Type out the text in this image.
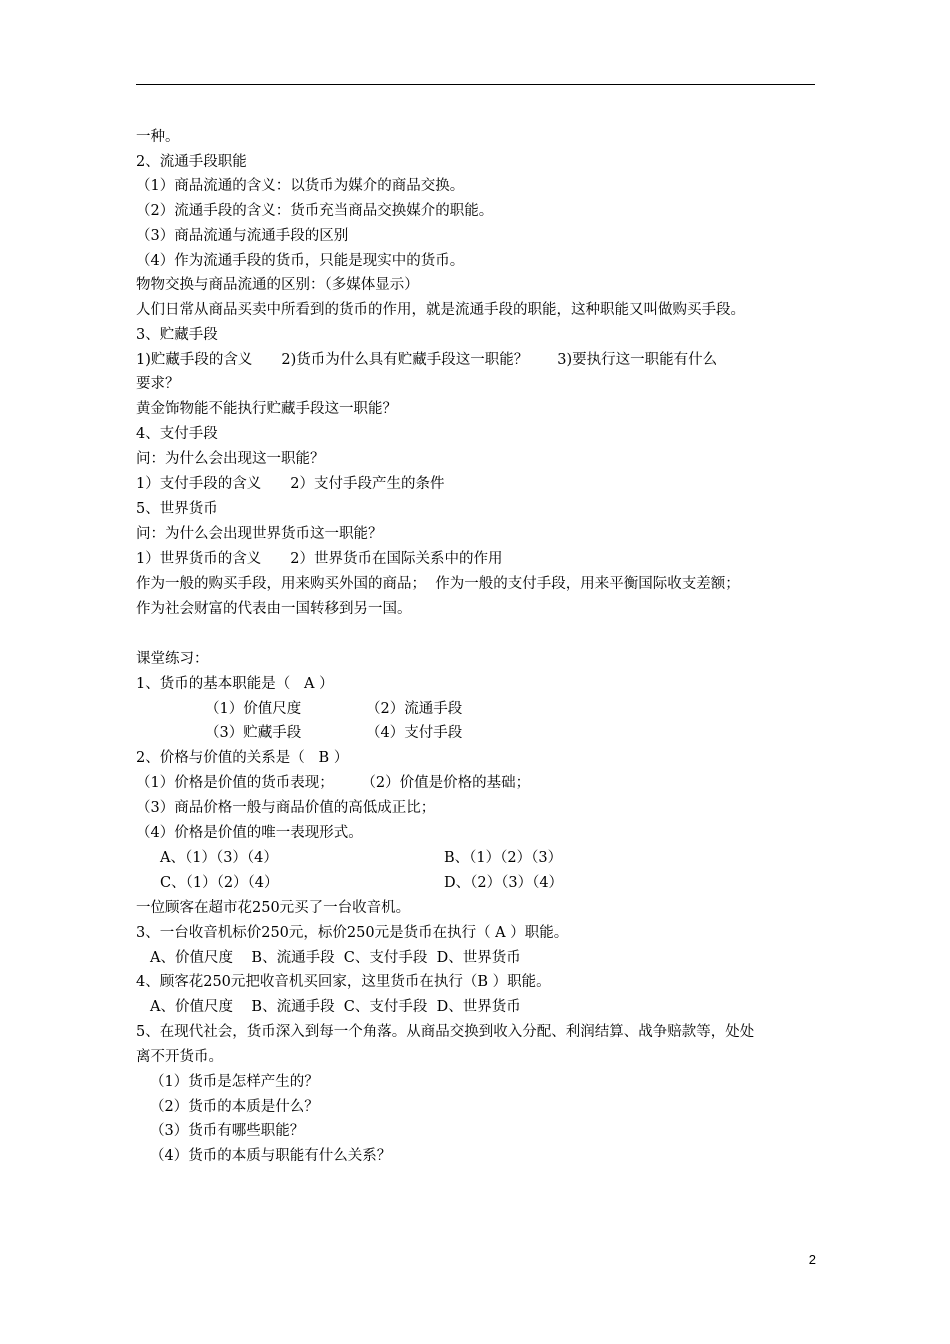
一种。
2、流通手段职能
（1）商品流通的含义：以货币为媒介的商品交换。
（2）流通手段的含义：货币充当商品交换媒介的职能。
（3）商品流通与流通手段的区别
（4）作为流通手段的货币，只能是现实中的货币。
物物交换与商品流通的区别：（多媒体显示）
人们日常从商品买卖中所看到的货币的作用，就是流通手段的职能，这种职能又叫做购买手段。
3、贮藏手段
1)贮藏手段的含义　　2)货币为什么具有贮藏手段这一职能？　　3)要执行这一职能有什么
要求？
黄金饰物能不能执行贮藏手段这一职能？
4、支付手段
问：为什么会出现这一职能？
1）支付手段的含义　　2）支付手段产生的条件
5、世界货币
问：为什么会出现世界货币这一职能？
1）世界货币的含义　　2）世界货币在国际关系中的作用
作为一般的购买手段，用来购买外国的商品；  作为一般的支付手段，用来平衡国际收支差额；
作为社会财富的代表由一国转移到另一国。
课堂练习：
1、货币的基本职能是（   A ）
（1）价值尺度	（2）流通手段
（3）贮藏手段	（4）支付手段
2、价格与价值的关系是（   B ）
（1）价格是价值的货币表现；      （2）价值是价格的基础；
（3）商品价格一般与商品价值的高低成正比；
（4）价格是价值的唯一表现形式。
A、（1）（3）（4）	B、（1）（2）（3）
C、（1）（2）（4）	D、（2）（3）（4）
一位顾客在超市花250元买了一台收音机。
3、一台收音机标价250元，标价250元是货币在执行（ A ）职能。
A、价值尺度    B、流通手段  C、支付手段  D、世界货币
4、顾客花250元把收音机买回家，这里货币在执行（B ）职能。
A、价值尺度    B、流通手段  C、支付手段  D、世界货币
5、在现代社会，货币深入到每一个角落。从商品交换到收入分配、利润结算、战争赔款等，处处
离不开货币。
（1）货币是怎样产生的？
（2）货币的本质是什么？
（3）货币有哪些职能？
（4）货币的本质与职能有什么关系？
2
